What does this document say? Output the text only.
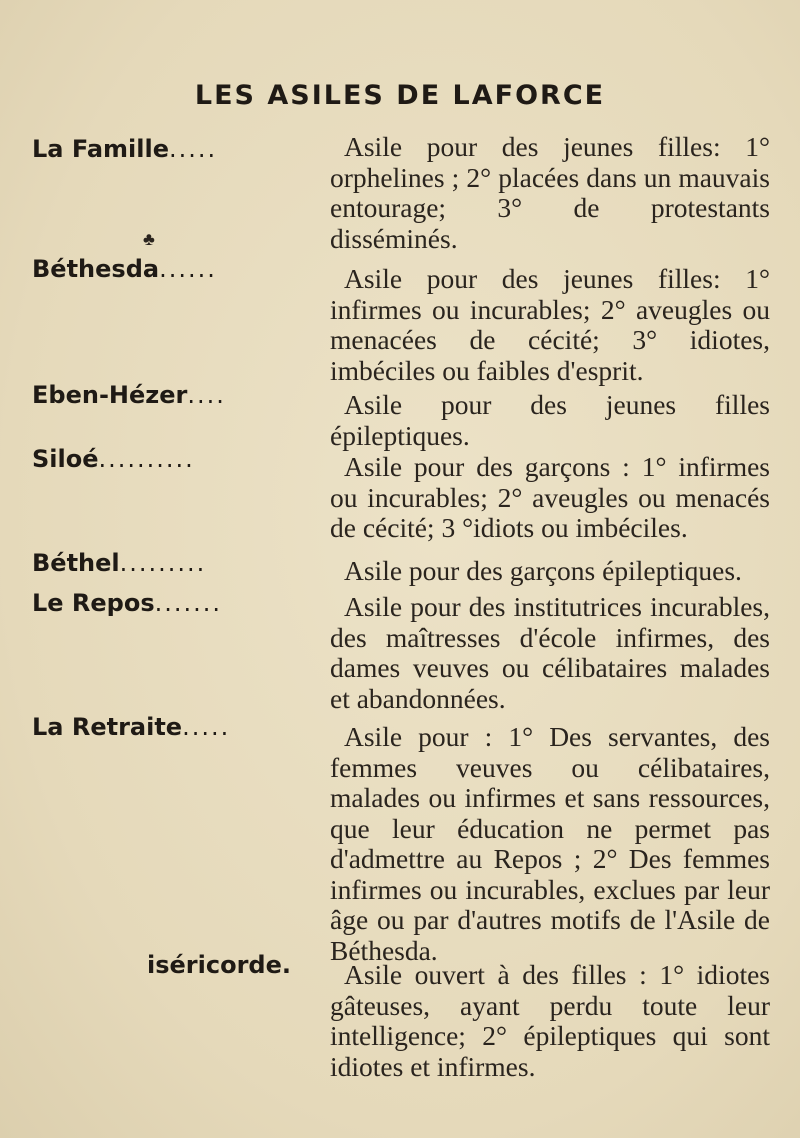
LES ASILES DE LAFORCE
La Famille.....	Asile pour des jeunes filles: 1° orphelines ; 2° placées dans un mauvais entourage; 3° de protestants disséminés.

♣
Béthesda......	Asile pour des jeunes filles: 1° infirmes ou incurables; 2° aveugles ou menacées de cécité; 3° idiotes, imbéciles ou faibles d'esprit.

Eben-Hézer....	Asile pour des jeunes filles épileptiques.

Siloé..........	Asile pour des garçons : 1° infirmes ou incurables; 2° aveugles ou menacés de cécité; 3 °idiots ou imbéciles.

Béthel.........	Asile pour des garçons épileptiques.

Le Repos.......	Asile pour des institutrices incurables, des maîtresses d'école infirmes, des dames veuves ou célibataires malades et abandonnées.

La Retraite.....	Asile pour : 1° Des servantes, des femmes veuves ou célibataires, malades ou infirmes et sans ressources, que leur éducation ne permet pas d'admettre au Repos ; 2° Des femmes infirmes ou incurables, exclues par leur âge ou par d'autres motifs de l'Asile de Béthesda.

iséricorde.	Asile ouvert à des filles : 1° idiotes gâteuses, ayant perdu toute leur intelligence; 2° épileptiques qui sont idiotes et infirmes.
